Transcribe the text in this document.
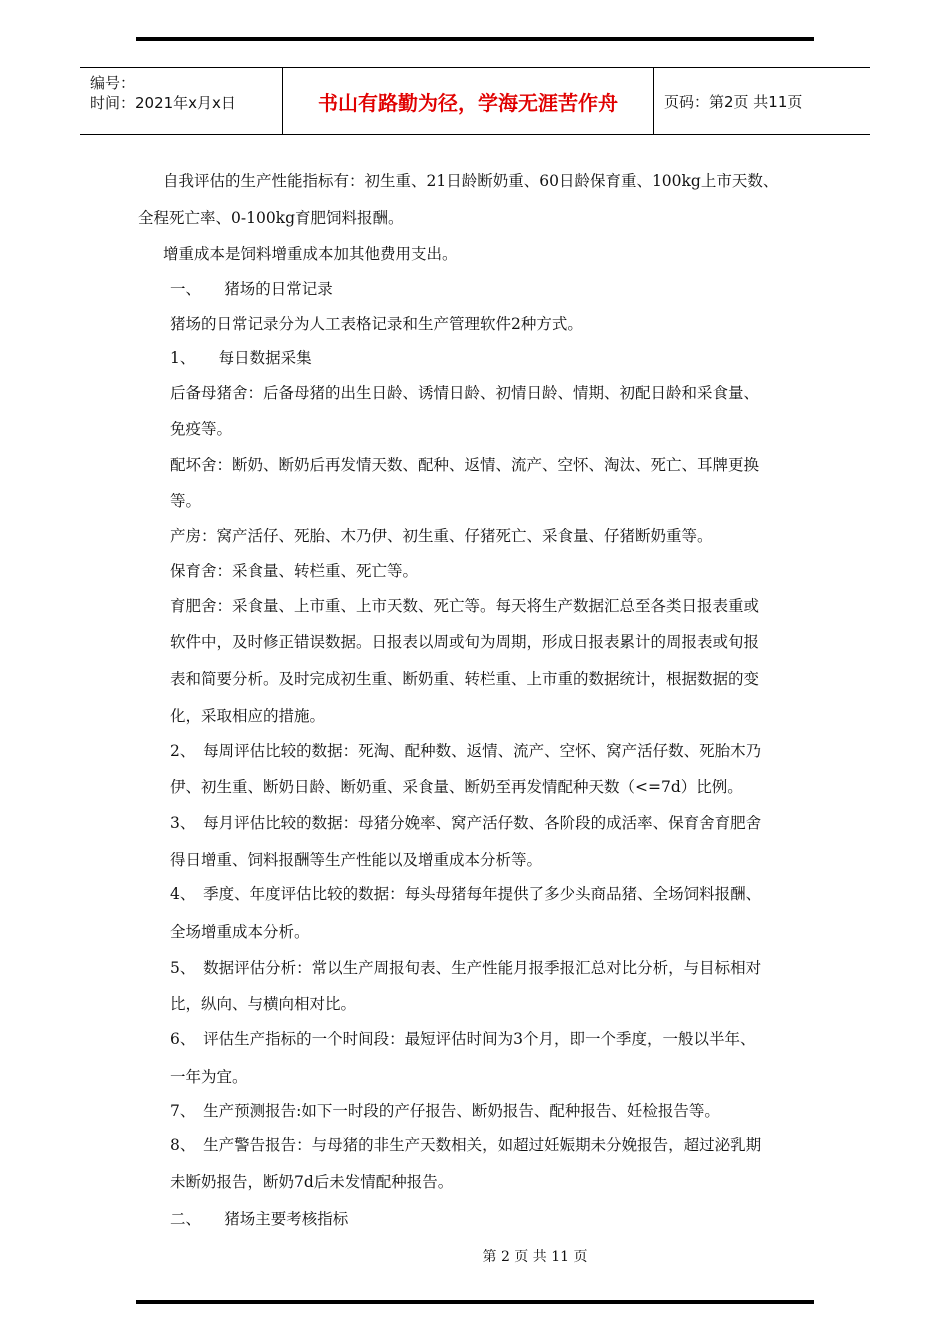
编号：
时间：2021年x月x日	书山有路勤为径，学海无涯苦作舟	页码：第2页 共11页
自我评估的生产性能指标有：初生重、21日龄断奶重、60日龄保育重、100kg上市天数、
全程死亡率、0-100kg育肥饲料报酬。
增重成本是饲料增重成本加其他费用支出。
一、　　猪场的日常记录
猪场的日常记录分为人工表格记录和生产管理软件2种方式。
1、　　每日数据采集
后备母猪舍：后备母猪的出生日龄、诱情日龄、初情日龄、情期、初配日龄和采食量、
免疫等。
配坏舍：断奶、断奶后再发情天数、配种、返情、流产、空怀、淘汰、死亡、耳牌更换
等。
产房：窝产活仔、死胎、木乃伊、初生重、仔猪死亡、采食量、仔猪断奶重等。
保育舍：采食量、转栏重、死亡等。
育肥舍：采食量、上市重、上市天数、死亡等。每天将生产数据汇总至各类日报表重或
软件中，及时修正错误数据。日报表以周或旬为周期，形成日报表累计的周报表或旬报
表和简要分析。及时完成初生重、断奶重、转栏重、上市重的数据统计，根据数据的变
化，采取相应的措施。
2、　每周评估比较的数据：死淘、配种数、返情、流产、空怀、窝产活仔数、死胎木乃
伊、初生重、断奶日龄、断奶重、采食量、断奶至再发情配种天数（<=7d）比例。
3、　每月评估比较的数据：母猪分娩率、窝产活仔数、各阶段的成活率、保育舍育肥舍
得日增重、饲料报酬等生产性能以及增重成本分析等。
4、　季度、年度评估比较的数据：每头母猪每年提供了多少头商品猪、全场饲料报酬、
全场增重成本分析。
5、　数据评估分析：常以生产周报旬表、生产性能月报季报汇总对比分析，与目标相对
比，纵向、与横向相对比。
6、　评估生产指标的一个时间段：最短评估时间为3个月，即一个季度，一般以半年、
一年为宜。
7、　生产预测报告:如下一时段的产仔报告、断奶报告、配种报告、妊检报告等。
8、　生产警告报告：与母猪的非生产天数相关，如超过妊娠期未分娩报告，超过泌乳期
未断奶报告，断奶7d后未发情配种报告。
二、　　猪场主要考核指标
第 2 页 共 11 页
